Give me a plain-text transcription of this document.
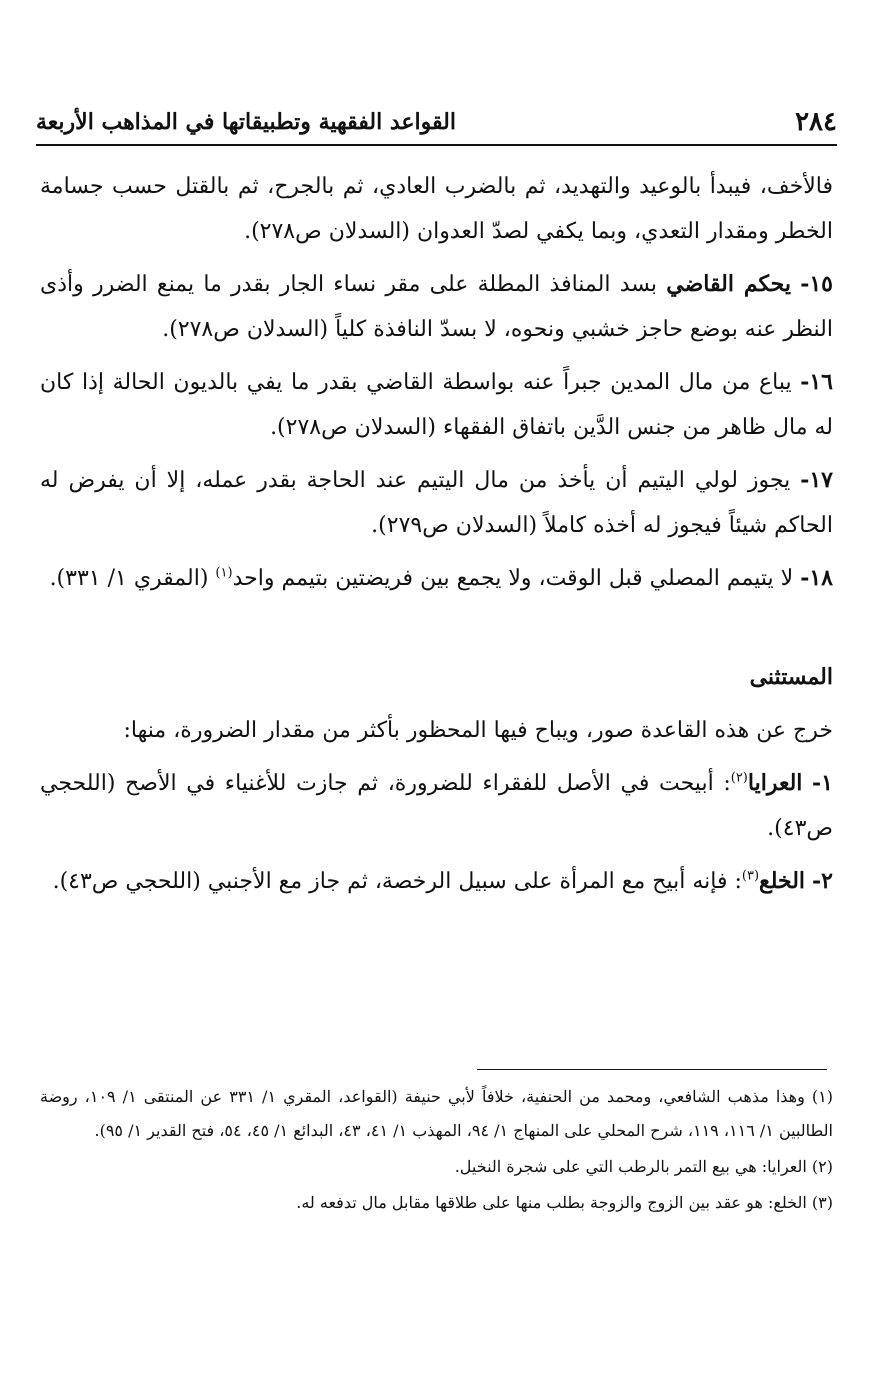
٢٨٤
القواعد الفقهية وتطبيقاتها في المذاهب الأربعة

فالأخف، فيبدأ بالوعيد والتهديد، ثم بالضرب العادي، ثم بالجرح، ثم بالقتل حسب جسامة الخطر ومقدار التعدي، وبما يكفي لصدّ العدوان (السدلان ص٢٧٨).

١٥- يحكم القاضي بسد المنافذ المطلة على مقر نساء الجار بقدر ما يمنع الضرر وأذى النظر عنه بوضع حاجز خشبي ونحوه، لا بسدّ النافذة كلياً (السدلان ص٢٧٨).

١٦- يباع من مال المدين جبراً عنه بواسطة القاضي بقدر ما يفي بالديون الحالة إذا كان له مال ظاهر من جنس الدَّين باتفاق الفقهاء (السدلان ص٢٧٨).

١٧- يجوز لولي اليتيم أن يأخذ من مال اليتيم عند الحاجة بقدر عمله، إلا أن يفرض له الحاكم شيئاً فيجوز له أخذه كاملاً (السدلان ص٢٧٩).

١٨- لا يتيمم المصلي قبل الوقت، ولا يجمع بين فريضتين بتيمم واحد$^{(١)}$ (المقري ١/ ٣٣١).

المستثنى

خرج عن هذه القاعدة صور، ويباح فيها المحظور بأكثر من مقدار الضرورة، منها:

١- العرايا$^{(٢)}$: أبيحت في الأصل للفقراء للضرورة، ثم جازت للأغنياء في الأصح (اللحجي ص٤٣).

٢- الخلع$^{(٣)}$: فإنه أبيح مع المرأة على سبيل الرخصة، ثم جاز مع الأجنبي (اللحجي ص٤٣).

(١) وهذا مذهب الشافعي، ومحمد من الحنفية، خلافاً لأبي حنيفة (القواعد، المقري ١/ ٣٣١ عن المنتقى ١/ ١٠٩، روضة الطالبين ١/ ١١٦، ١١٩، شرح المحلي على المنهاج ١/ ٩٤، المهذب ١/ ٤١، ٤٣، البدائع ١/ ٤٥، ٥٤، فتح القدير ١/ ٩٥).

(٢) العرايا: هي بيع التمر بالرطب التي على شجرة النخيل.

(٣) الخلع: هو عقد بين الزوج والزوجة بطلب منها على طلاقها مقابل مال تدفعه له.
